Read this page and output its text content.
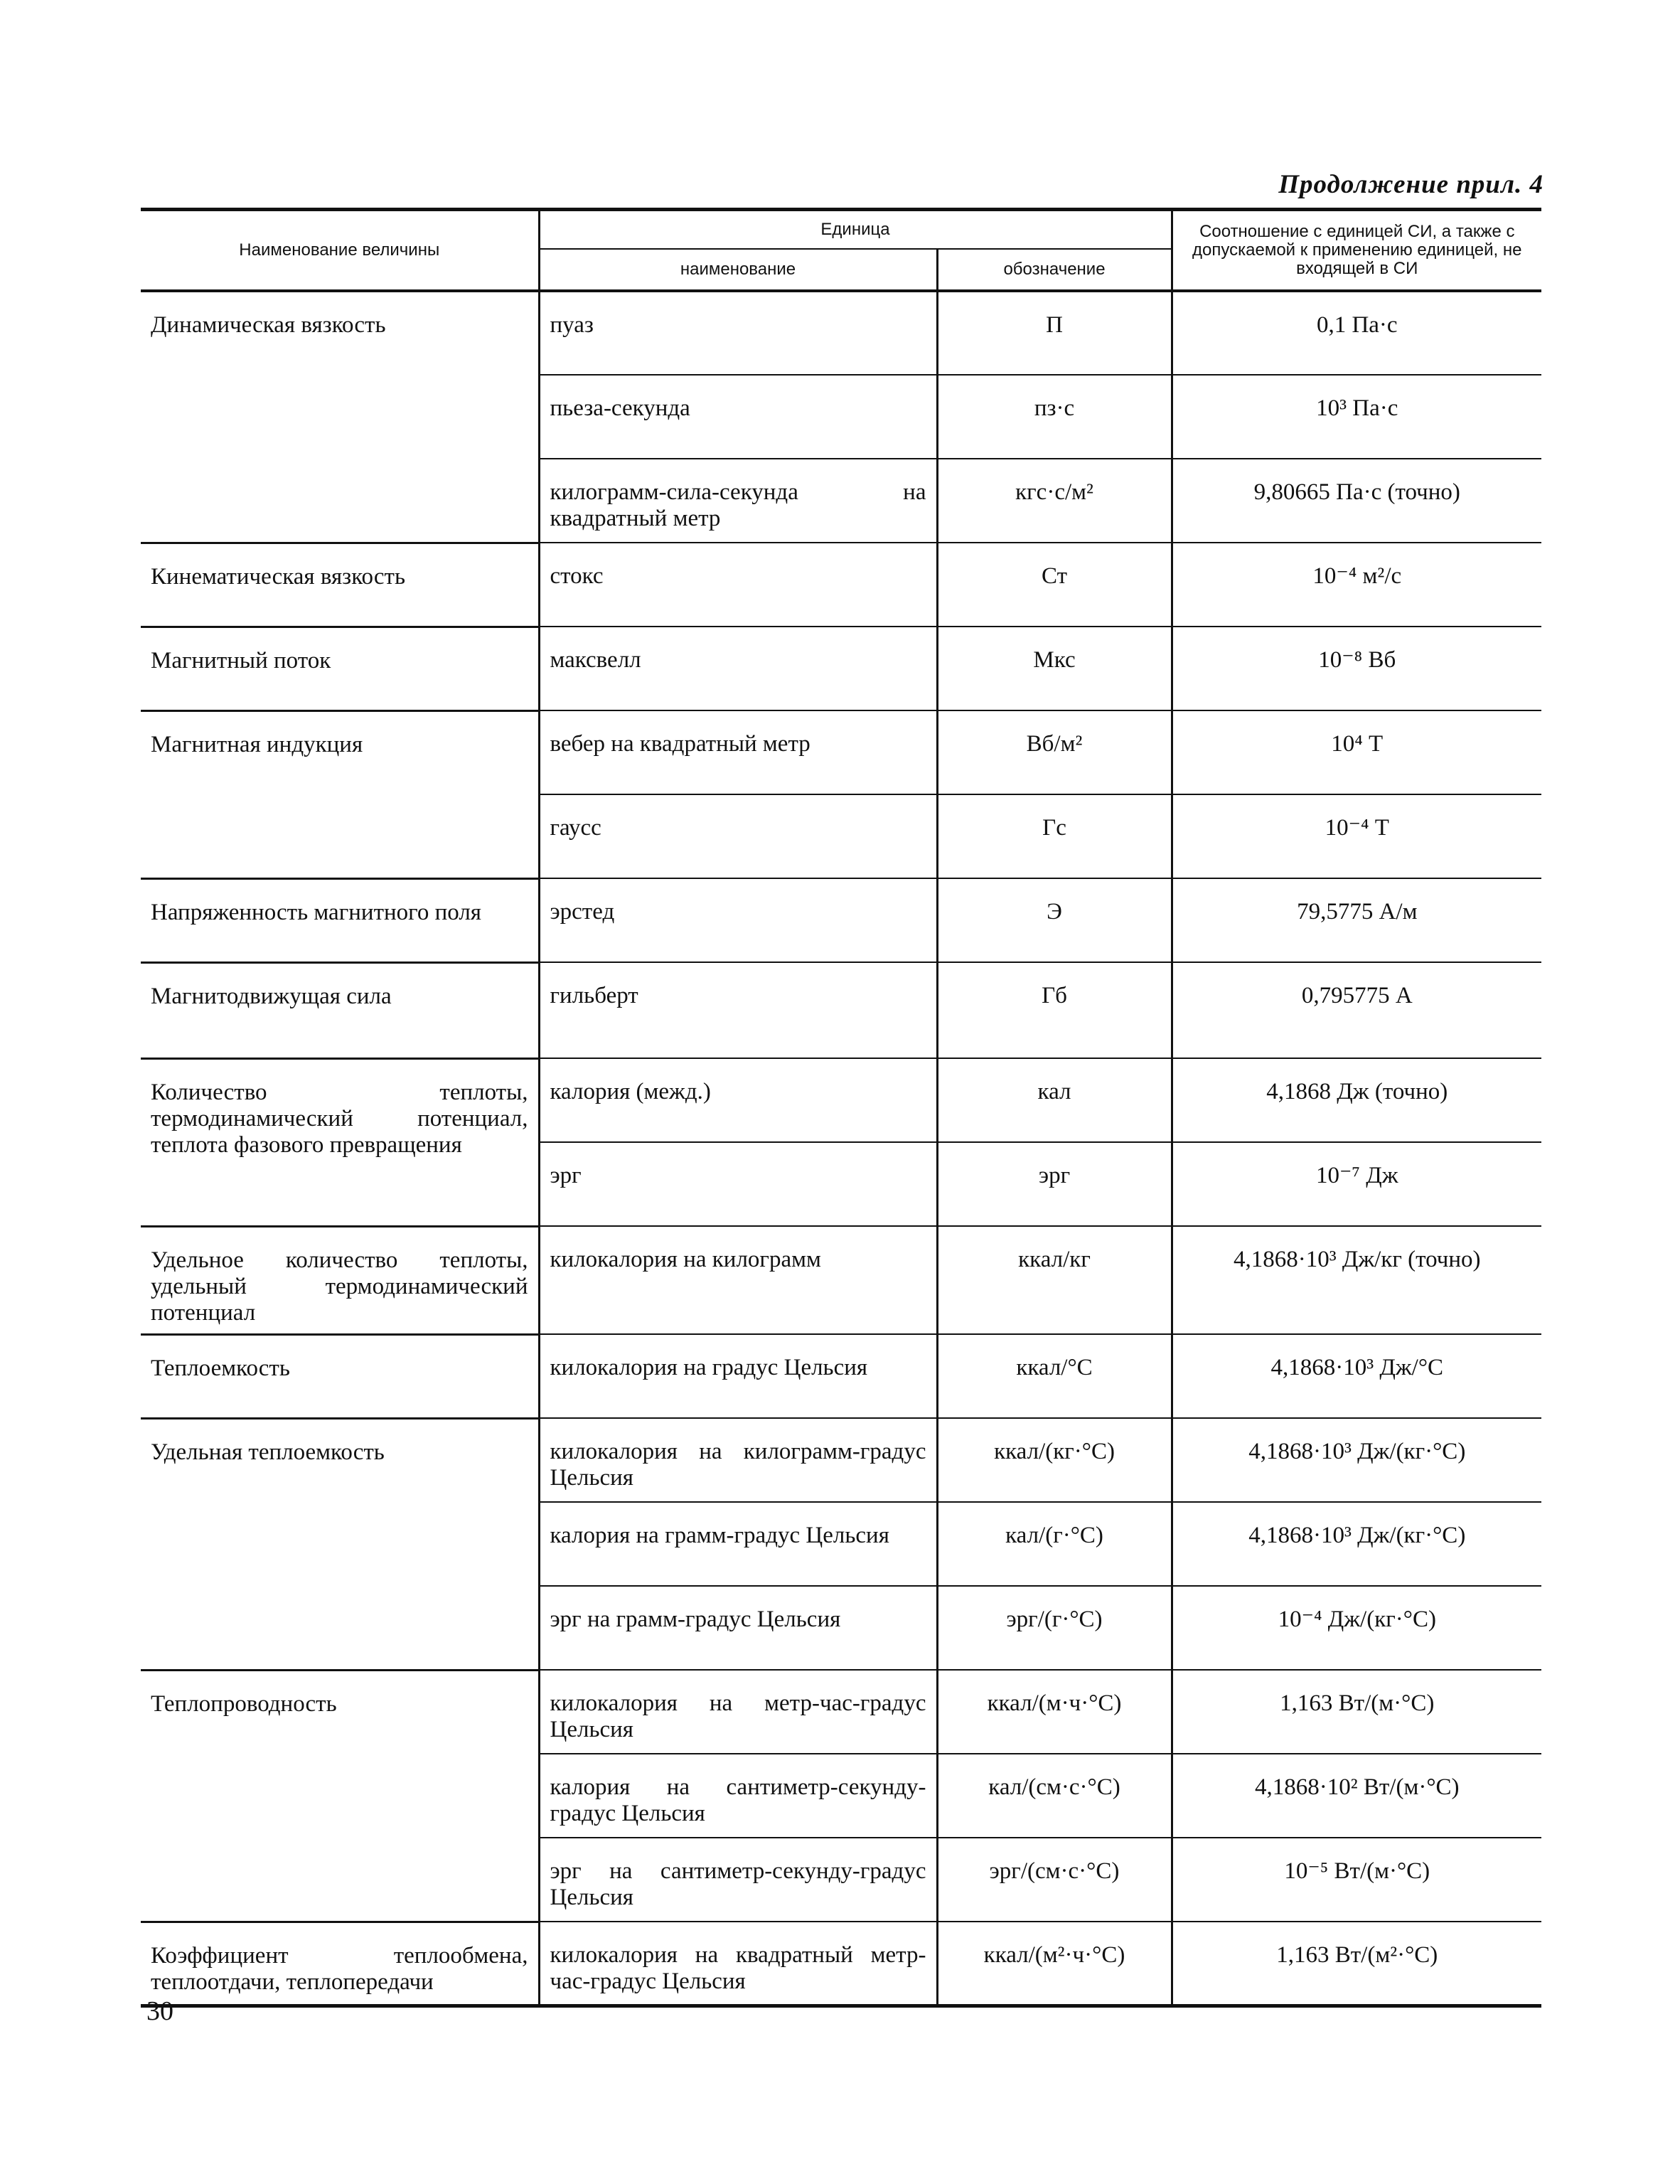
Продолжение прил. 4
Наименование величины	Единица		Соотношение с единицей СИ, а также с допускаемой к применению единицей, не входящей в СИ
	наименование	обозначение	
Динамическая вязкость	пуаз	П	0,1 Па·с
	пьеза-секунда	пз·с	10³ Па·с
	килограмм-сила-секунда на квадратный метр	кгс·с/м²	9,80665 Па·с (точно)
Кинематическая вязкость	стокс	Ст	10⁻⁴ м²/с
Магнитный поток	максвелл	Мкс	10⁻⁸ Вб
Магнитная индукция	вебер на квадратный метр	Вб/м²	10⁴ Т
	гаусс	Гс	10⁻⁴ Т
Напряженность магнитного поля	эрстед	Э	79,5775 А/м
Магнитодвижущая сила	гильберт	Гб	0,795775 А
Количество теплоты, термодинамический потенциал, теплота фазового превращения	калория (межд.)	кал	4,1868 Дж (точно)
	эрг	эрг	10⁻⁷ Дж
Удельное количество теплоты, удельный термодинамический потенциал	килокалория на килограмм	ккал/кг	4,1868·10³ Дж/кг (точно)
Теплоемкость	килокалория на градус Цельсия	ккал/°С	4,1868·10³ Дж/°С
Удельная теплоемкость	килокалория на килограмм-градус Цельсия	ккал/(кг·°С)	4,1868·10³ Дж/(кг·°С)
	калория на грамм-градус Цельсия	кал/(г·°С)	4,1868·10³ Дж/(кг·°С)
	эрг на грамм-градус Цельсия	эрг/(г·°С)	10⁻⁴ Дж/(кг·°С)
Теплопроводность	килокалория на метр-час-градус Цельсия	ккал/(м·ч·°С)	1,163 Вт/(м·°С)
	калория на сантиметр-секунду-градус Цельсия	кал/(см·с·°С)	4,1868·10² Вт/(м·°С)
	эрг на сантиметр-секунду-градус Цельсия	эрг/(см·с·°С)	10⁻⁵ Вт/(м·°С)
Коэффициент теплообмена, теплоотдачи, теплопередачи	килокалория на квадратный метр-час-градус Цельсия	ккал/(м²·ч·°С)	1,163 Вт/(м²·°С)
30
